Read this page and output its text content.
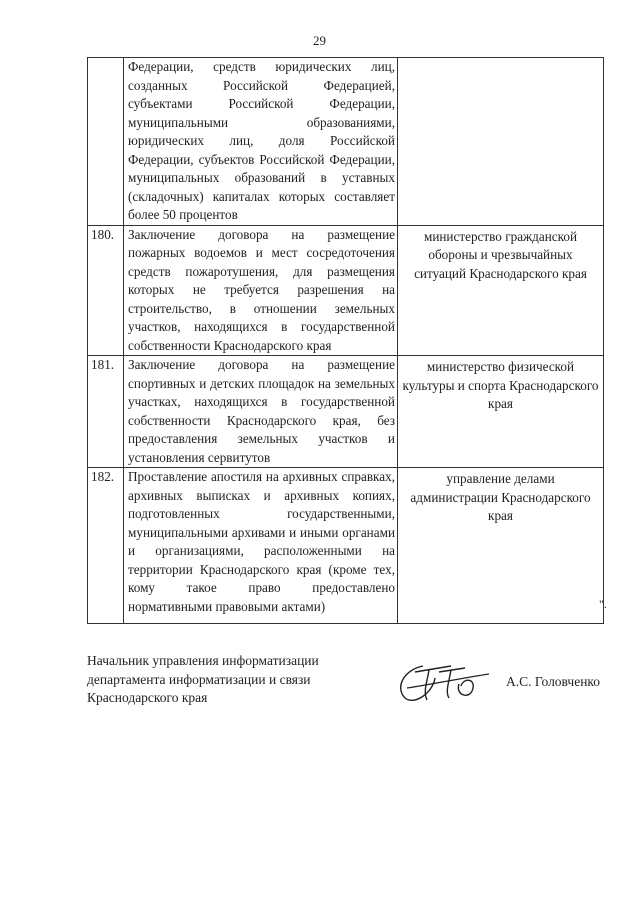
29
	Федерации, средств юридических лиц, созданных Российской Федерацией, субъектами Российской Федерации, муниципальными образованиями, юридических лиц, доля Российской Федерации, субъектов Российской Федерации, муниципальных образований в уставных (складочных) капиталах которых составляет более 50 процентов	
180.	Заключение договора на размещение пожарных водоемов и мест сосредоточения средств пожаротушения, для размещения которых не требуется разрешения на строительство, в отношении земельных участков, находящихся в государственной собственности Краснодарского края	министерство гражданской обороны и чрезвычайных ситуаций Краснодарского края
181.	Заключение договора на размещение спортивных и детских площадок на земельных участках, находящихся в государственной собственности Краснодарского края, без предоставления земельных участков и установления сервитутов	министерство физической культуры и спорта Краснодарского края
182.	Проставление апостиля на архивных справках, архивных выписках и архивных копиях, подготовленных государственными, муниципальными архивами и иными органами и организациями, расположенными на территории Краснодарского края (кроме тех, кому такое право предоставлено нормативными правовыми актами)	управление делами администрации Краснодарского края
".
Начальник управления информатизации
департамента информатизации и связи
Краснодарского края
А.С. Головченко
